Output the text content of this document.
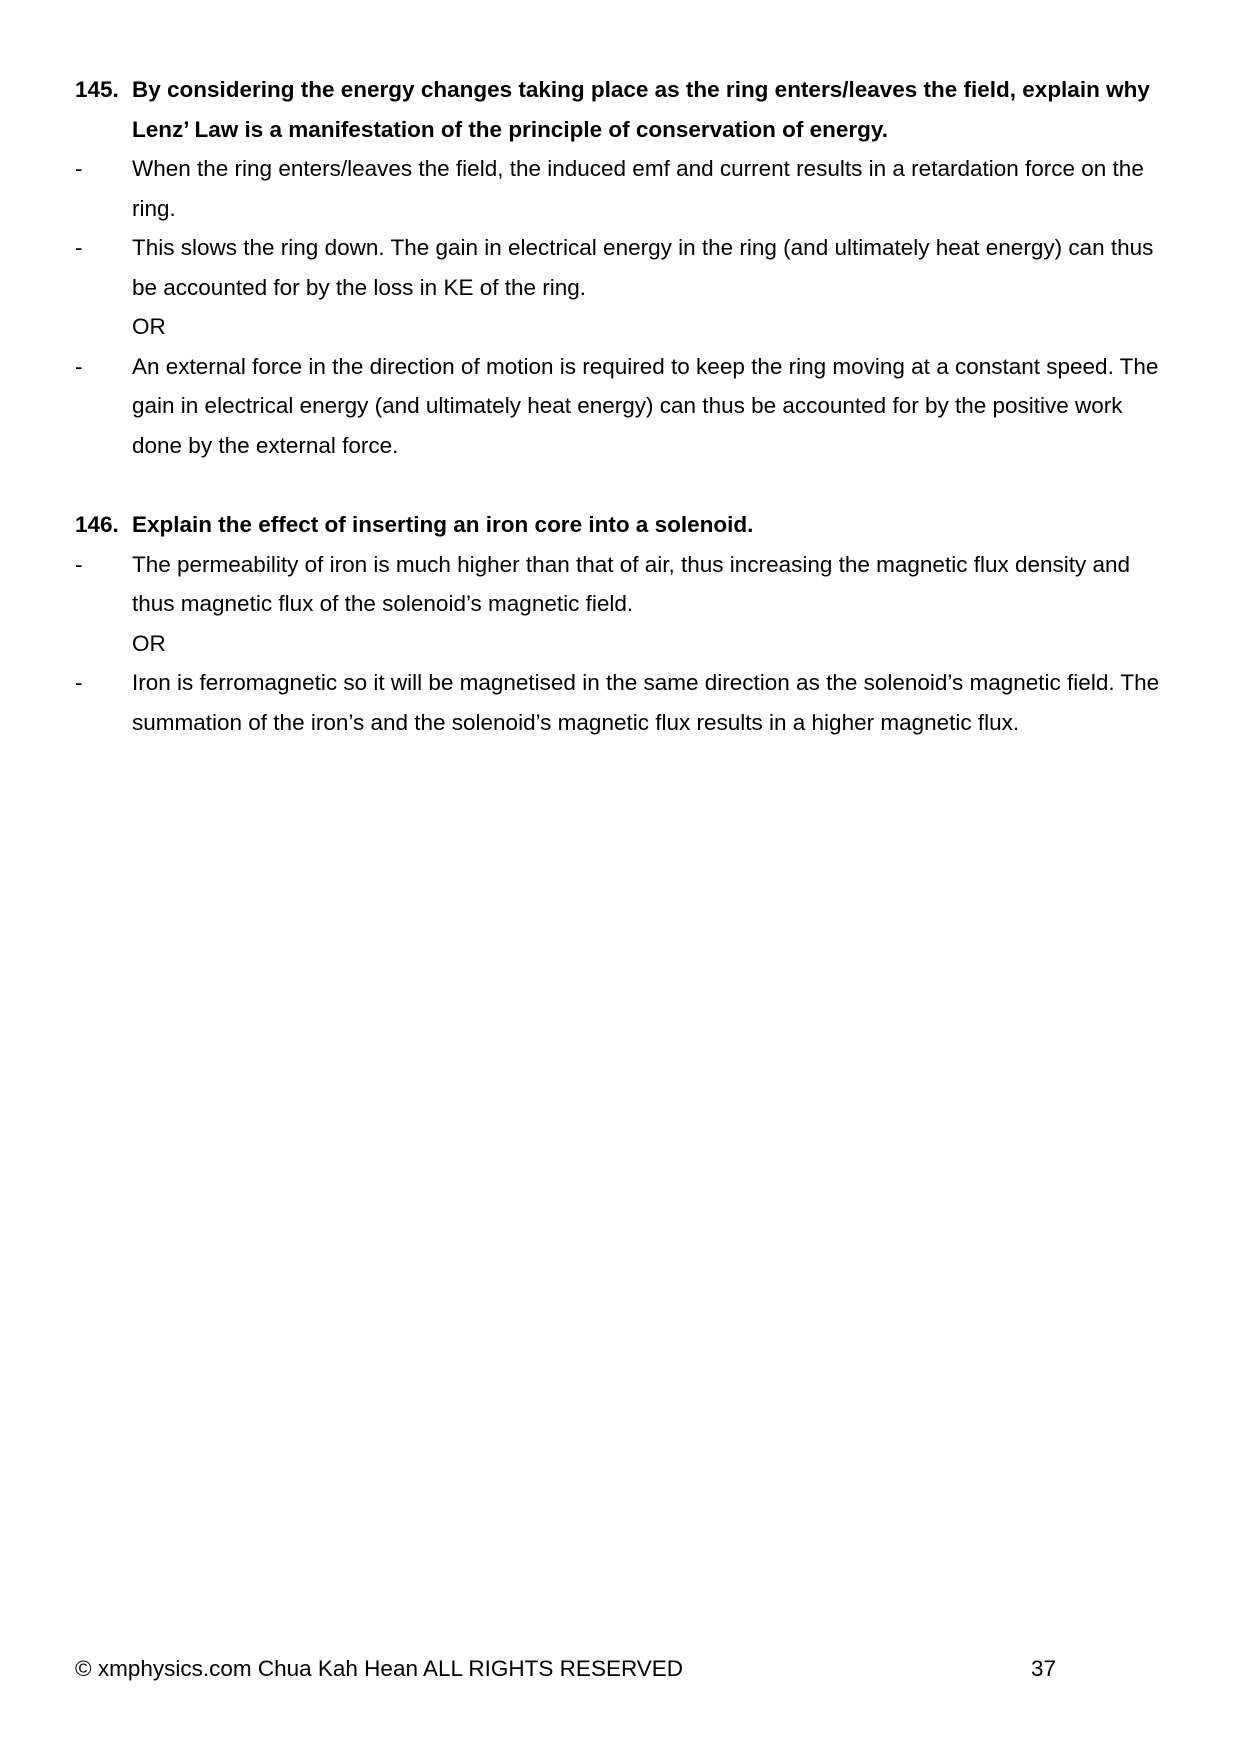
145. By considering the energy changes taking place as the ring enters/leaves the field, explain why Lenz’ Law is a manifestation of the principle of conservation of energy.
-	When the ring enters/leaves the field, the induced emf and current results in a retardation force on the ring.
-	This slows the ring down. The gain in electrical energy in the ring (and ultimately heat energy) can thus be accounted for by the loss in KE of the ring.
OR
-	An external force in the direction of motion is required to keep the ring moving at a constant speed. The gain in electrical energy (and ultimately heat energy) can thus be accounted for by the positive work done by the external force.
146. Explain the effect of inserting an iron core into a solenoid.
-	The permeability of iron is much higher than that of air, thus increasing the magnetic flux density and thus magnetic flux of the solenoid’s magnetic field.
OR
-	Iron is ferromagnetic so it will be magnetised in the same direction as the solenoid’s magnetic field. The summation of the iron’s and the solenoid’s magnetic flux results in a higher magnetic flux.
© xmphysics.com Chua Kah Hean ALL RIGHTS RESERVED	37
